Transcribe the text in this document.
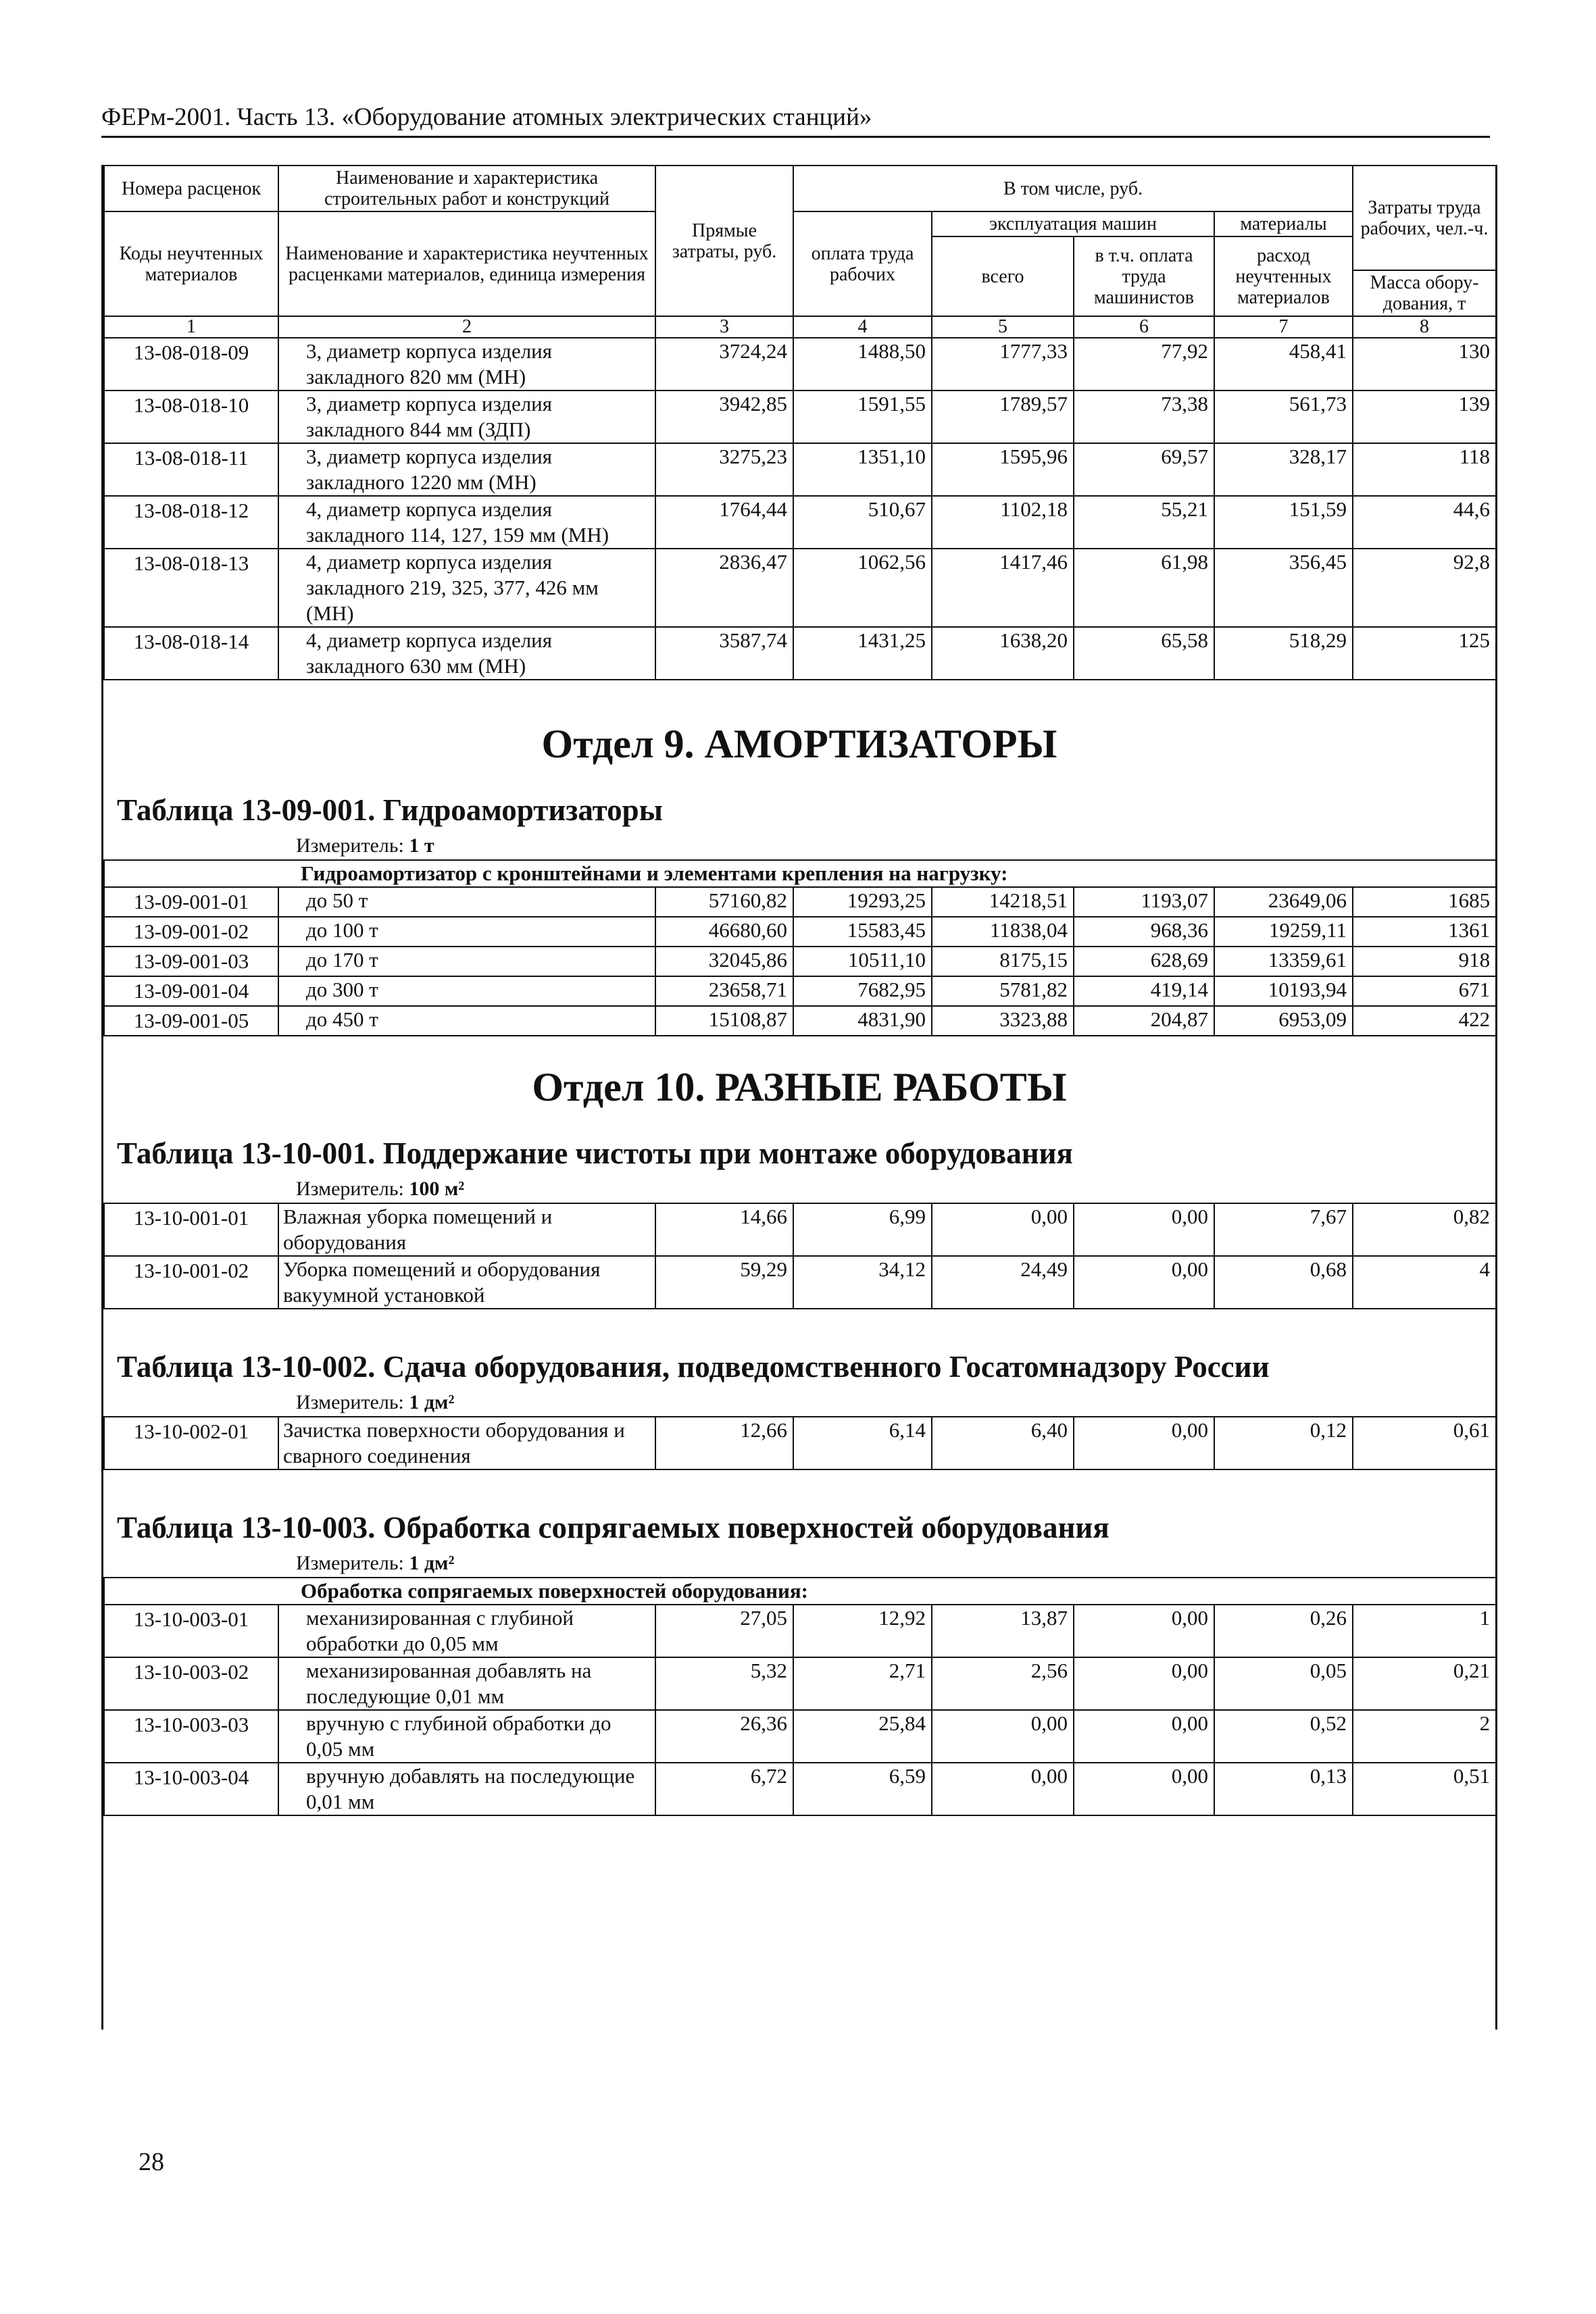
ФЕРм-2001. Часть 13. «Оборудование атомных электрических станций»
Номера расценок	Наименование и характеристика строительных работ и конструкций	Прямые затраты, руб.	В том числе, руб.				Затраты труда рабочих, чел.-ч.
Коды неучтенных материалов	Наименование и характеристика неучтенных расценками материалов, единица измерения		оплата труда рабочих	эксплуатация машин		материалы	
				всего	в т.ч. оплата труда машинистов	расход неучтенных материалов	
							Масса обору-дования, т
1	2	3	4	5	6	7	8
13-08-018-09	3, диаметр корпуса изделия закладного 820 мм (МН)	3724,24	1488,50	1777,33	77,92	458,41	130
13-08-018-10	3, диаметр корпуса изделия закладного 844 мм (ЗДП)	3942,85	1591,55	1789,57	73,38	561,73	139
13-08-018-11	3, диаметр корпуса изделия закладного 1220 мм (МН)	3275,23	1351,10	1595,96	69,57	328,17	118
13-08-018-12	4, диаметр корпуса изделия закладного 114, 127, 159 мм (МН)	1764,44	510,67	1102,18	55,21	151,59	44,6
13-08-018-13	4, диаметр корпуса изделия закладного 219, 325, 377, 426 мм (МН)	2836,47	1062,56	1417,46	61,98	356,45	92,8
13-08-018-14	4, диаметр корпуса изделия закладного 630 мм (МН)	3587,74	1431,25	1638,20	65,58	518,29	125

Отдел 9. АМОРТИЗАТОРЫ
Таблица 13-09-001. Гидроамортизаторы
Измеритель: 1 т
Гидроамортизатор с кронштейнами и элементами крепления на нагрузку:							
13-09-001-01	до 50 т	57160,82	19293,25	14218,51	1193,07	23649,06	1685
13-09-001-02	до 100 т	46680,60	15583,45	11838,04	968,36	19259,11	1361
13-09-001-03	до 170 т	32045,86	10511,10	8175,15	628,69	13359,61	918
13-09-001-04	до 300 т	23658,71	7682,95	5781,82	419,14	10193,94	671
13-09-001-05	до 450 т	15108,87	4831,90	3323,88	204,87	6953,09	422
Отдел 10. РАЗНЫЕ РАБОТЫ
Таблица 13-10-001. Поддержание чистоты при монтаже оборудования
Измеритель: 100 м²
13-10-001-01	Влажная уборка помещений и оборудования	14,66	6,99	0,00	0,00	7,67	0,82
13-10-001-02	Уборка помещений и оборудования вакуумной установкой	59,29	34,12	24,49	0,00	0,68	4
Таблица 13-10-002. Сдача оборудования, подведомственного Госатомнадзору России
Измеритель: 1 дм²
13-10-002-01	Зачистка поверхности оборудования и сварного соединения	12,66	6,14	6,40	0,00	0,12	0,61
Таблица 13-10-003. Обработка сопрягаемых поверхностей оборудования
Измеритель: 1 дм²
Обработка сопрягаемых поверхностей оборудования:							
13-10-003-01	механизированная с глубиной обработки до 0,05 мм	27,05	12,92	13,87	0,00	0,26	1
13-10-003-02	механизированная добавлять на последующие 0,01 мм	5,32	2,71	2,56	0,00	0,05	0,21
13-10-003-03	вручную с глубиной обработки до 0,05 мм	26,36	25,84	0,00	0,00	0,52	2
13-10-003-04	вручную добавлять на последующие 0,01 мм	6,72	6,59	0,00	0,00	0,13	0,51
28
